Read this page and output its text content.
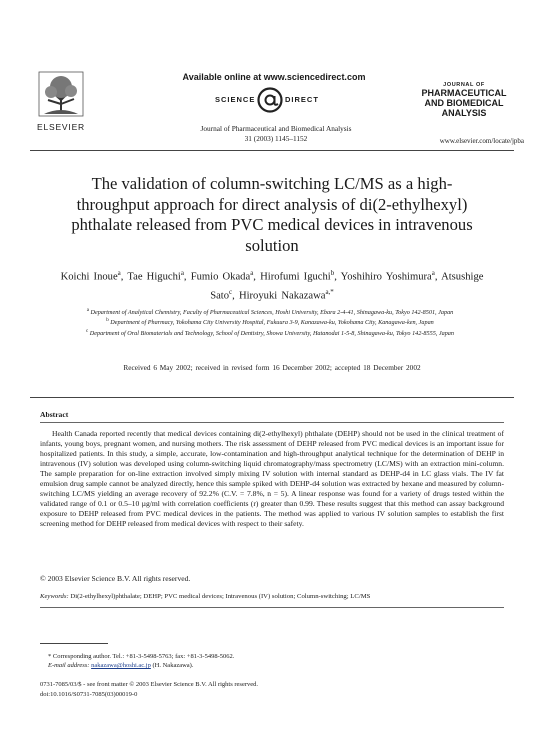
ELSEVIER
Available online at www.sciencedirect.com
SCIENCE	DIRECT
Journal of Pharmaceutical and Biomedical Analysis
31 (2003) 1145–1152
JOURNAL OF
PHARMACEUTICAL
AND BIOMEDICAL
ANALYSIS
www.elsevier.com/locate/jpba
The validation of column-switching LC/MS as a high-throughput approach for direct analysis of di(2-ethylhexyl) phthalate released from PVC medical devices in intravenous solution
Koichi Inoue$^a$, Tae Higuchi$^a$, Fumio Okada$^a$, Hirofumi Iguchi$^b$, Yoshihiro Yoshimura$^a$, Atsushige Sato$^c$, Hiroyuki Nakazawa$^{a,*}$
$^a$ Department of Analytical Chemistry, Faculty of Pharmaceutical Sciences, Hoshi University, Ebara 2-4-41, Shinagawa-ku, Tokyo 142-8501, Japan
$^b$ Department of Pharmacy, Yokohama City University Hospital, Fukuura 3-9, Kanazawa-ku, Yokohama City, Kanagawa-ken, Japan
$^c$ Department of Oral Biomaterials and Technology, School of Dentistry, Showa University, Hatanodai 1-5-8, Shinagawa-ku, Tokyo 142-8555, Japan
Received 6 May 2002; received in revised form 16 December 2002; accepted 18 December 2002
Abstract
Health Canada reported recently that medical devices containing di(2-ethylhexyl) phthalate (DEHP) should not be used in the clinical treatment of infants, young boys, pregnant women, and nursing mothers. The risk assessment of DEHP released from PVC medical devices is an important issue for hospitalized patients. In this study, a simple, accurate, low-contamination and high-throughput analytical technique for the determination of DEHP in intravenous (IV) solution was developed using column-switching liquid chromatography/mass spectrometry (LC/MS) with an extraction mini-column. The sample preparation for on-line extraction involved simply mixing IV solution with internal standard as DEHP-d4 in LC glass vials. The IV fat emulsion drug sample cannot be analyzed directly, hence this sample spiked with DEHP-d4 solution was extracted by hexane and measured by column-switching LC/MS yielding an average recovery of 92.2% (C.V. = 7.8%, n = 5). A linear response was found for a variety of drugs tested within the validated range of 0.1 or 0.5–10 µg/ml with correlation coefficients (r) greater than 0.99. These results suggest that this method can assay background exposure to DEHP released from PVC medical devices in the patients. The method was applied to various IV solution samples to establish the first screening method for DEHP released from medical devices with respect to their safety.
© 2003 Elsevier Science B.V. All rights reserved.
Keywords: Di(2-ethylhexyl)phthalate; DEHP; PVC medical devices; Intravenous (IV) solution; Column-switching; LC/MS
* Corresponding author. Tel.: +81-3-5498-5763; fax: +81-3-5498-5062.
E-mail address: nakazawa@hoshi.ac.jp (H. Nakazawa).
0731-7085/03/$ - see front matter © 2003 Elsevier Science B.V. All rights reserved.
doi:10.1016/S0731-7085(03)00019-0
